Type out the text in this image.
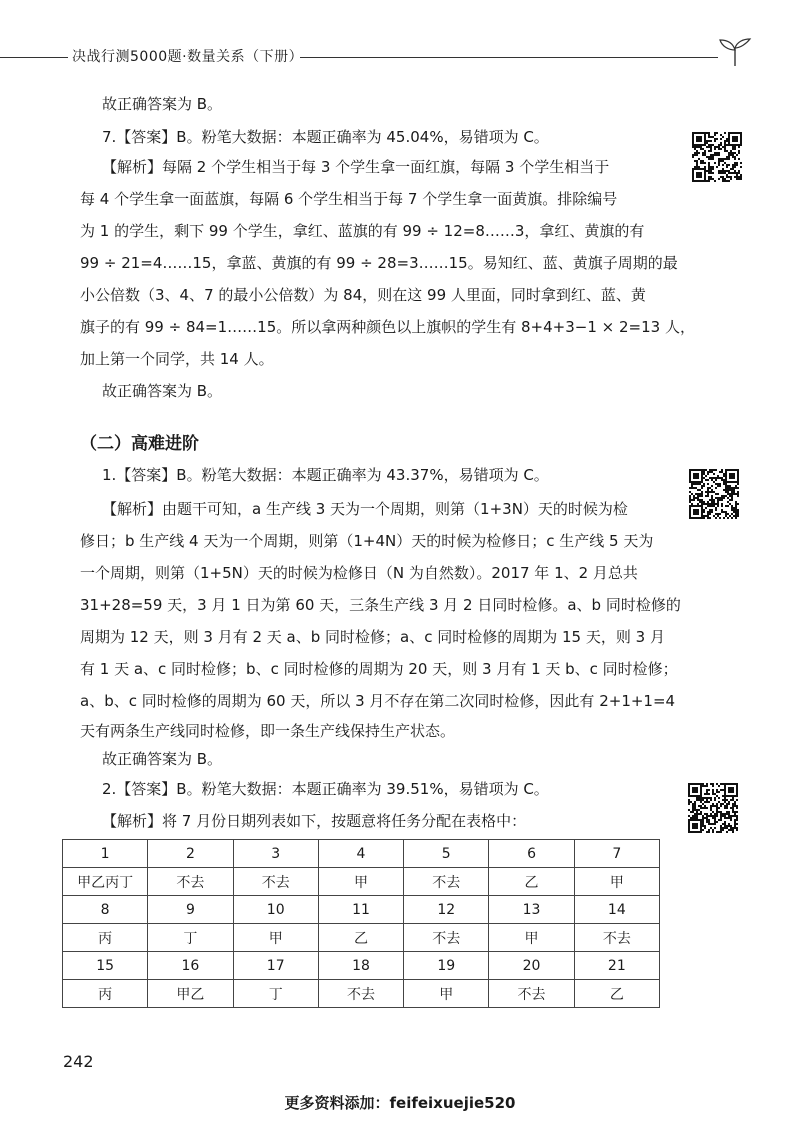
决战行测5000题·数量关系（下册）
故正确答案为 B。
7.【答案】B。粉笔大数据：本题正确率为 45.04%，易错项为 C。
【解析】每隔 2 个学生相当于每 3 个学生拿一面红旗，每隔 3 个学生相当于
每 4 个学生拿一面蓝旗，每隔 6 个学生相当于每 7 个学生拿一面黄旗。排除编号
为 1 的学生，剩下 99 个学生，拿红、蓝旗的有 99 ÷ 12=8……3，拿红、黄旗的有
99 ÷ 21=4……15，拿蓝、黄旗的有 99 ÷ 28=3……15。易知红、蓝、黄旗子周期的最
小公倍数（3、4、7 的最小公倍数）为 84，则在这 99 人里面，同时拿到红、蓝、黄
旗子的有 99 ÷ 84=1……15。所以拿两种颜色以上旗帜的学生有 8+4+3−1 × 2=13 人，
加上第一个同学，共 14 人。
故正确答案为 B。
（二）高难进阶
1.【答案】B。粉笔大数据：本题正确率为 43.37%，易错项为 C。
【解析】由题干可知，a 生产线 3 天为一个周期，则第（1+3N）天的时候为检
修日；b 生产线 4 天为一个周期，则第（1+4N）天的时候为检修日；c 生产线 5 天为
一个周期，则第（1+5N）天的时候为检修日（N 为自然数）。2017 年 1、2 月总共
31+28=59 天，3 月 1 日为第 60 天，三条生产线 3 月 2 日同时检修。a、b 同时检修的
周期为 12 天，则 3 月有 2 天 a、b 同时检修；a、c 同时检修的周期为 15 天，则 3 月
有 1 天 a、c 同时检修；b、c 同时检修的周期为 20 天，则 3 月有 1 天 b、c 同时检修；
a、b、c 同时检修的周期为 60 天，所以 3 月不存在第二次同时检修，因此有 2+1+1=4
天有两条生产线同时检修，即一条生产线保持生产状态。
故正确答案为 B。
2.【答案】B。粉笔大数据：本题正确率为 39.51%，易错项为 C。
【解析】将 7 月份日期列表如下，按题意将任务分配在表格中：
1	2	3	4	5	6	7
甲乙丙丁	不去	不去	甲	不去	乙	甲
8	9	10	11	12	13	14
丙	丁	甲	乙	不去	甲	不去
15	16	17	18	19	20	21
丙	甲乙	丁	不去	甲	不去	乙
242
更多资料添加：feifeixuejie520
